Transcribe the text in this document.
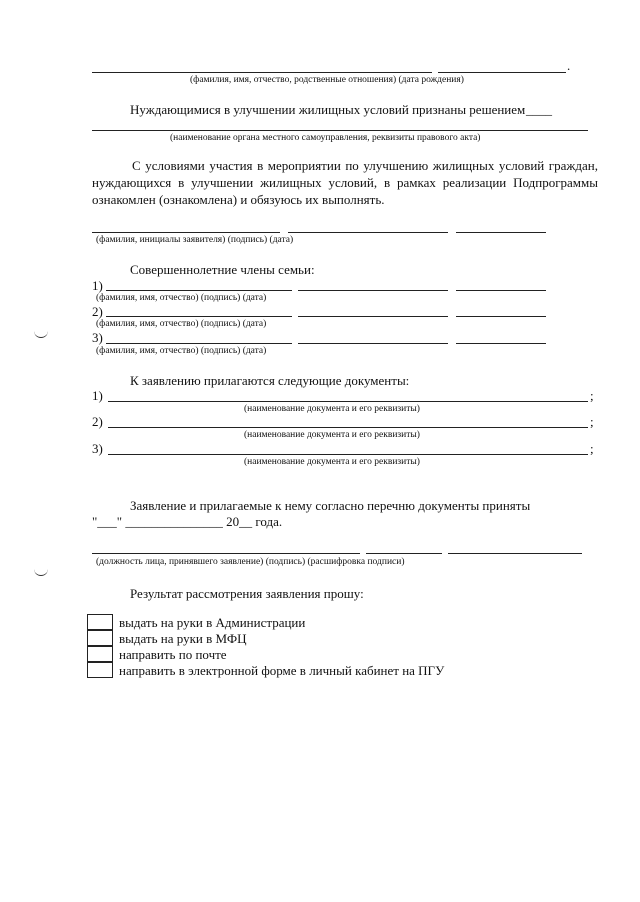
.
(фамилия, имя, отчество, родственные отношения) (дата рождения)
Нуждающимися в улучшении жилищных условий признаны решением ____
(наименование органа местного самоуправления, реквизиты правового акта)
С условиями участия в мероприятии по улучшению жилищных условий граждан, нуждающихся в улучшении жилищных условий, в рамках реализации Подпрограммы ознакомлен (ознакомлена) и обязуюсь их выполнять.
(фамилия, инициалы заявителя) (подпись) (дата)
Совершеннолетние члены семьи:
1)
(фамилия, имя, отчество) (подпись) (дата)
2)
(фамилия, имя, отчество) (подпись) (дата)
3)
(фамилия, имя, отчество) (подпись) (дата)
К заявлению прилагаются следующие документы:
1)	;
(наименование документа и его реквизиты)
2)	;
(наименование документа и его реквизиты)
3)	;
(наименование документа и его реквизиты)
Заявление и прилагаемые к нему согласно перечню документы приняты
"___" _______________ 20__ года.
(должность лица, принявшего заявление) (подпись) (расшифровка подписи)
Результат рассмотрения заявления прошу:
выдать на руки в Администрации
выдать на руки в МФЦ
направить по почте
направить в электронной форме в личный кабинет на ПГУ
